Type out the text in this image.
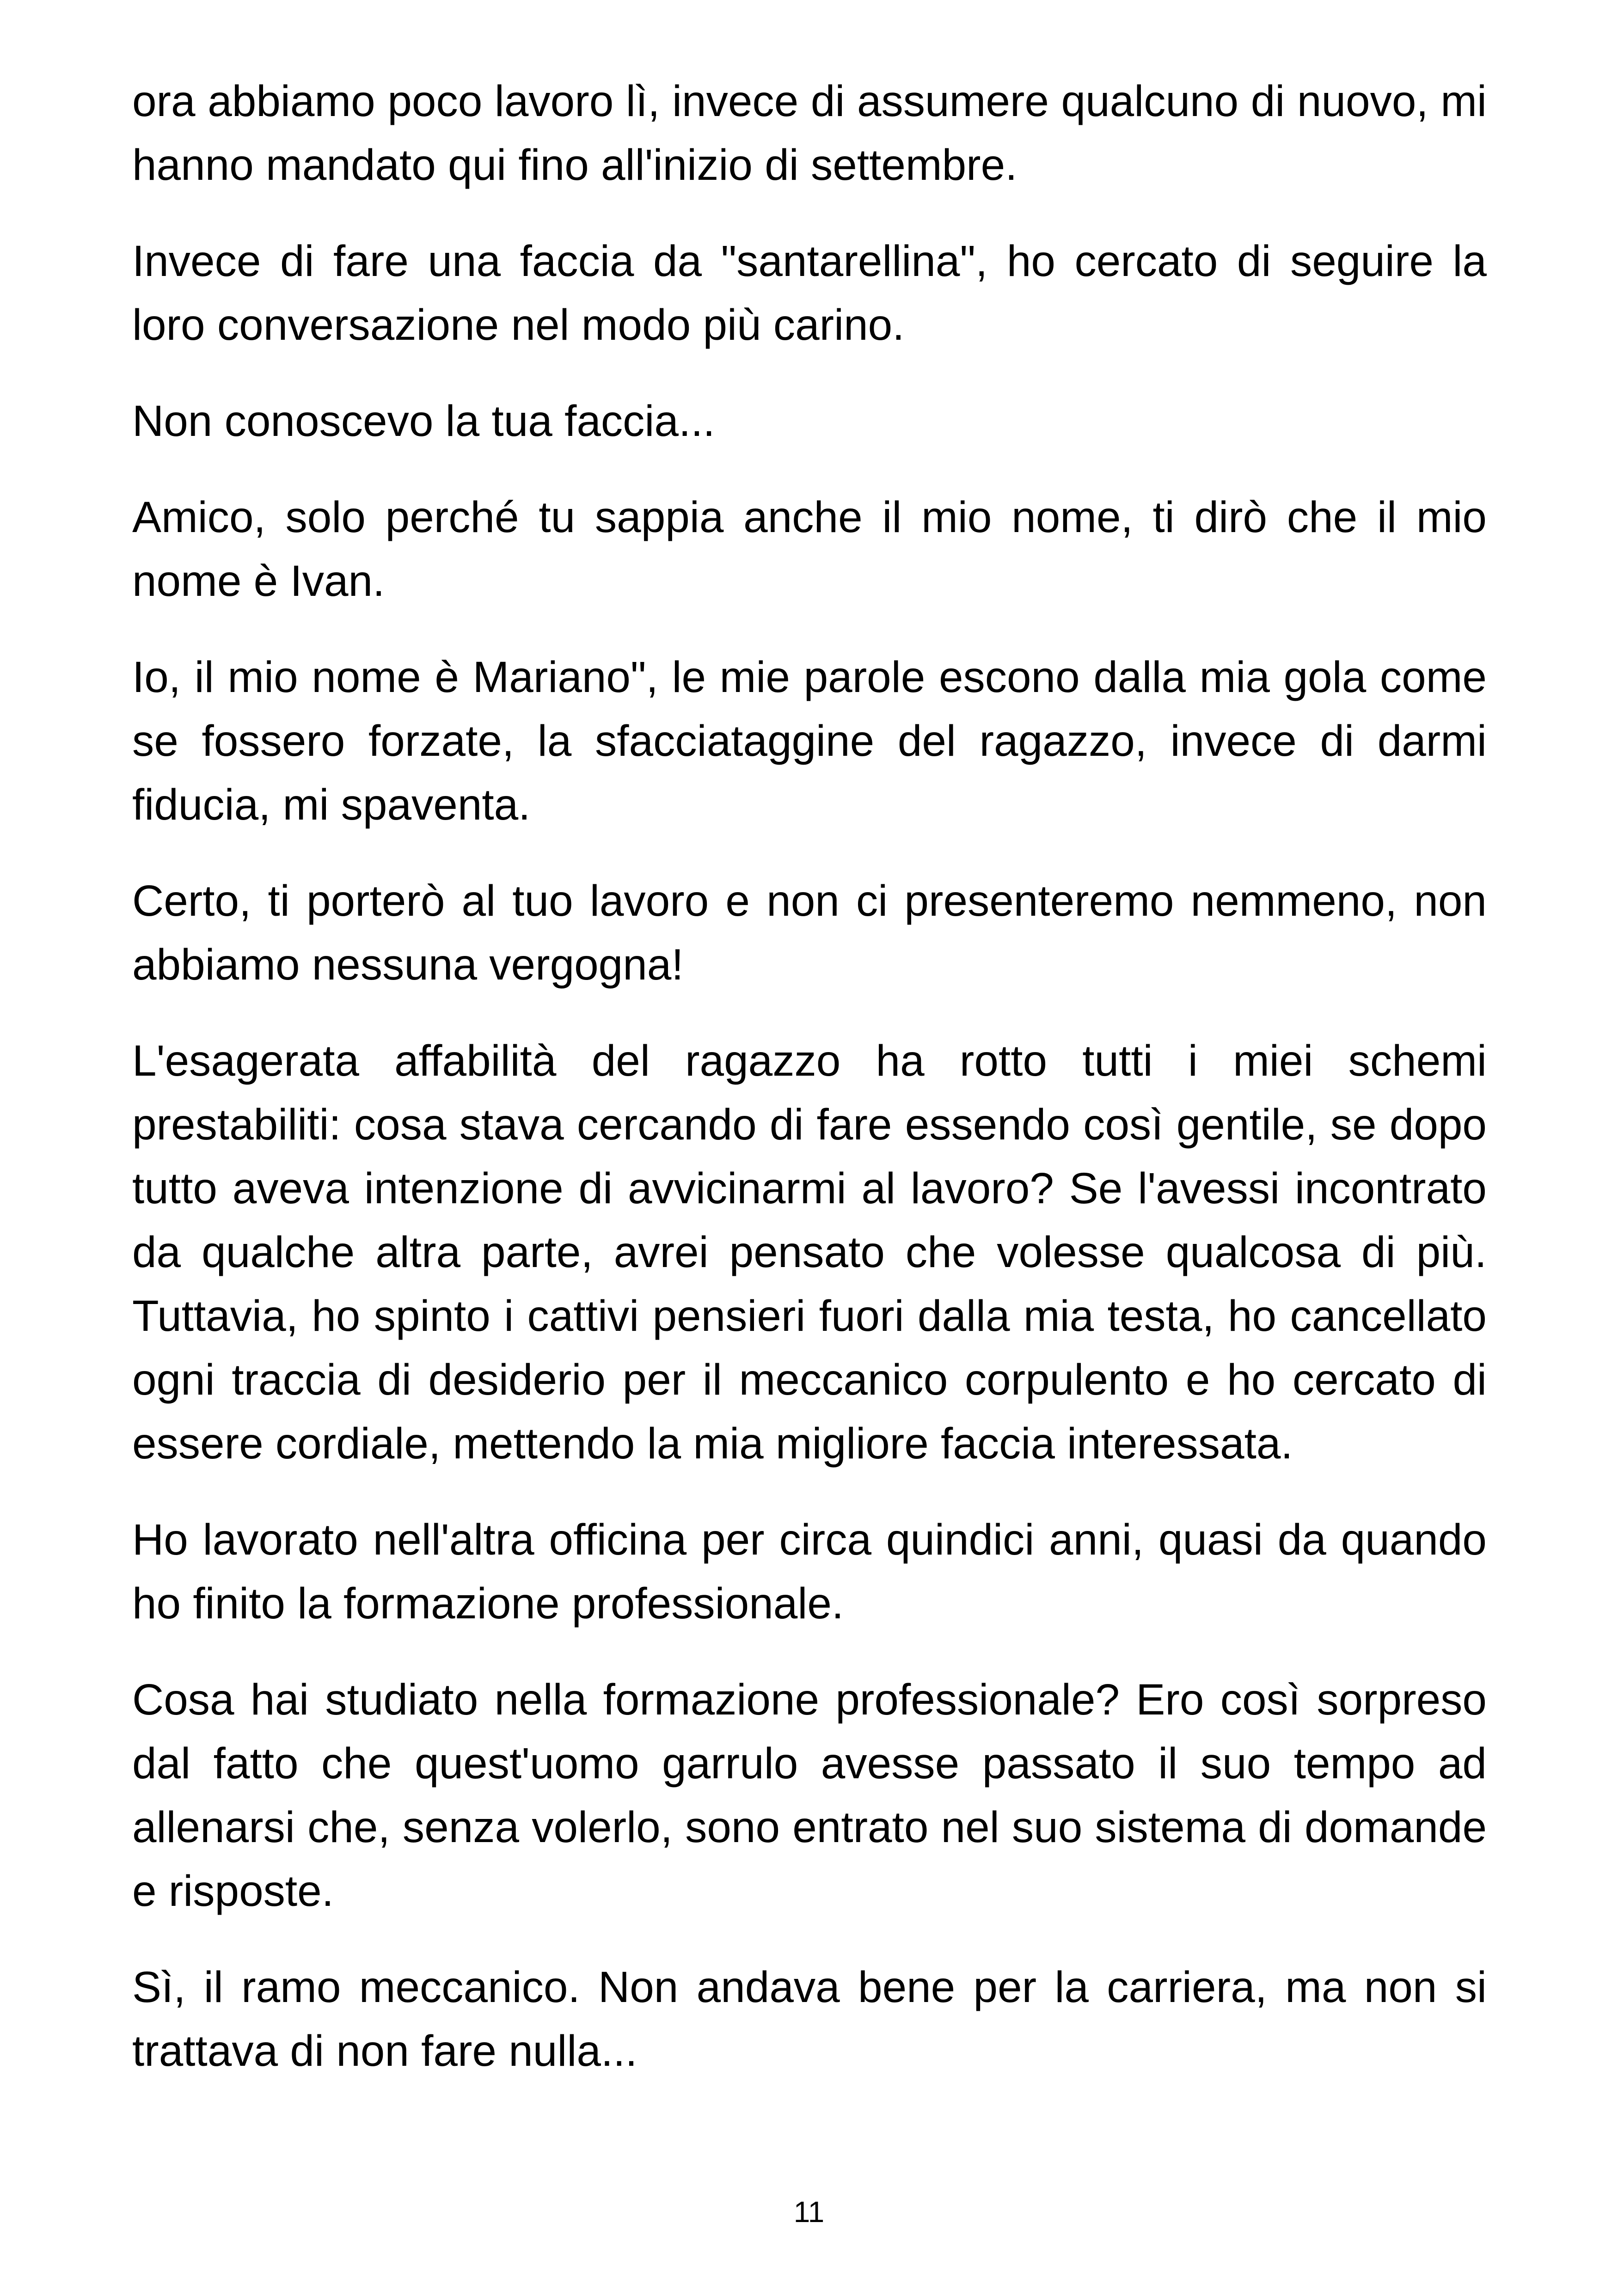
ora abbiamo poco lavoro lì, invece di assumere qualcuno di nuovo, mi hanno mandato qui fino all'inizio di settembre.

Invece di fare una faccia da "santarellina", ho cercato di seguire la loro conversazione nel modo più carino.

Non conoscevo la tua faccia...

Amico, solo perché tu sappia anche il mio nome, ti dirò che il mio nome è Ivan.

Io, il mio nome è Mariano", le mie parole escono dalla mia gola come se fossero forzate, la sfacciataggine del ragazzo, invece di darmi fiducia, mi spaventa.

Certo, ti porterò al tuo lavoro e non ci presenteremo nemmeno, non abbiamo nessuna vergogna!

L'esagerata affabilità del ragazzo ha rotto tutti i miei schemi prestabiliti: cosa stava cercando di fare essendo così gentile, se dopo tutto aveva intenzione di avvicinarmi al lavoro? Se l'avessi incontrato da qualche altra parte, avrei pensato che volesse qualcosa di più. Tuttavia, ho spinto i cattivi pensieri fuori dalla mia testa, ho cancellato ogni traccia di desiderio per il meccanico corpulento e ho cercato di essere cordiale, mettendo la mia migliore faccia interessata.

Ho lavorato nell'altra officina per circa quindici anni, quasi da quando ho finito la formazione professionale.

Cosa hai studiato nella formazione professionale? Ero così sorpreso dal fatto che quest'uomo garrulo avesse passato il suo tempo ad allenarsi che, senza volerlo, sono entrato nel suo sistema di domande e risposte.

Sì, il ramo meccanico. Non andava bene per la carriera, ma non si trattava di non fare nulla...

11
